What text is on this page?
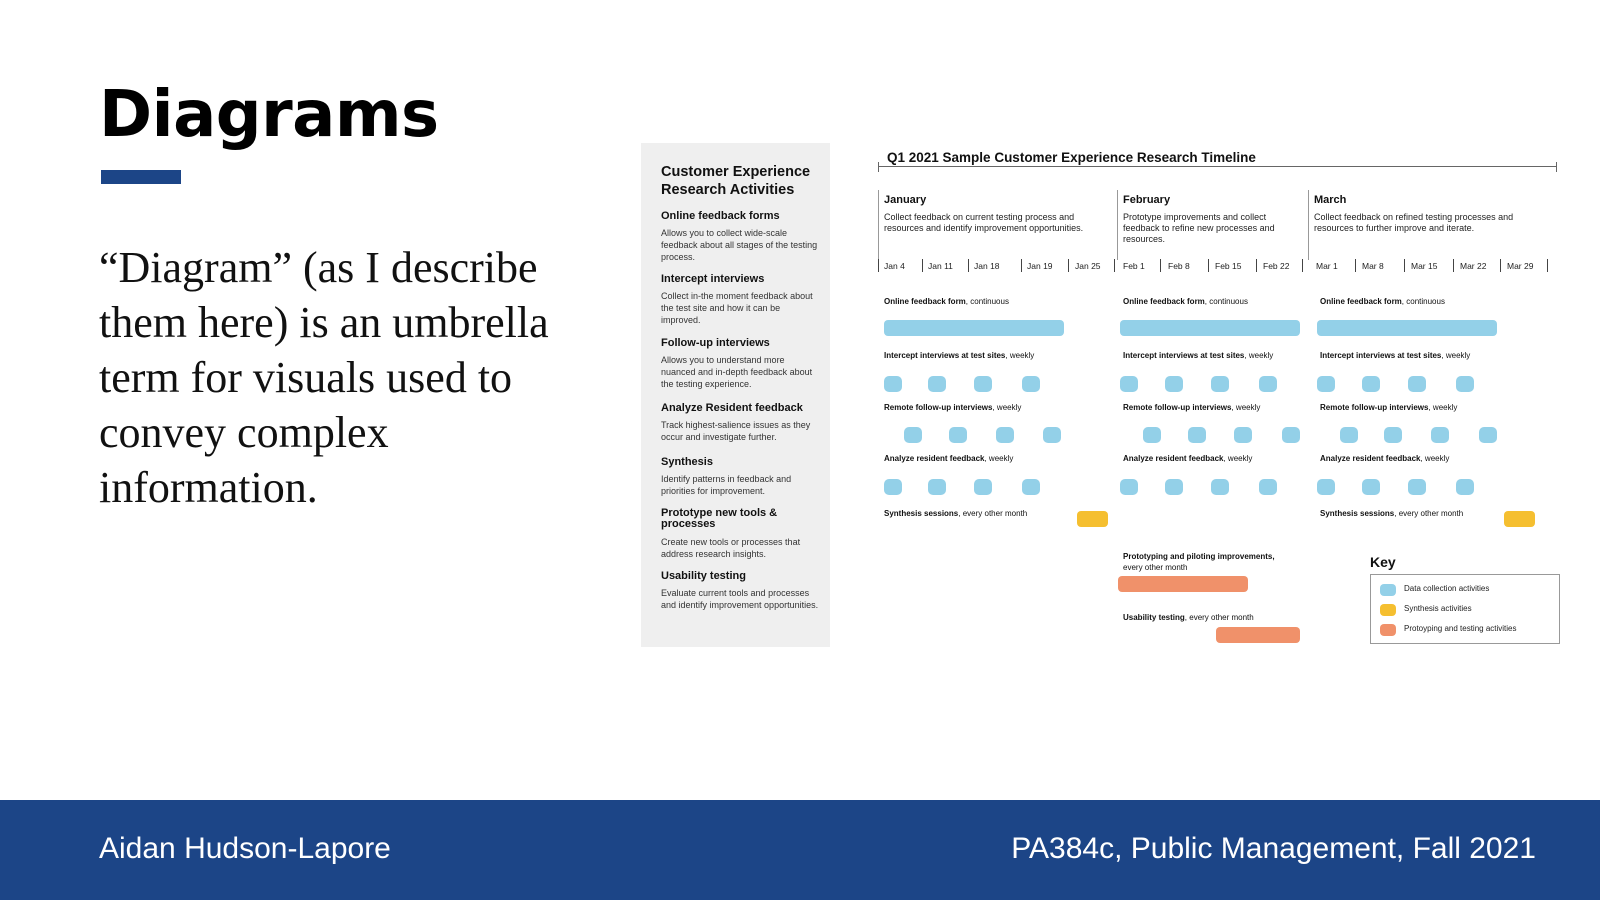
Diagrams
“Diagram” (as I describe them here) is an umbrella term for visuals used to convey complex information.
Customer Experience Research Activities
Online feedback forms
Allows you to collect wide-scale feedback about all stages of the testing process.
Intercept interviews
Collect in-the moment feedback about the test site and how it can be improved.
Follow-up interviews
Allows you to understand more nuanced and in-depth feedback about the testing experience.
Analyze Resident feedback
Track highest-salience issues as they occur and investigate further.
Synthesis
Identify patterns in feedback and priorities for improvement.
Prototype new tools & processes
Create new tools or processes that address research insights.
Usability testing
Evaluate current tools and processes and identify improvement opportunities.
Q1 2021 Sample Customer Experience Research Timeline
January
Collect feedback on current testing process and resources and identify improvement opportunities.
February
Prototype improvements and collect feedback to refine new processes and resources.
March
Collect feedback on refined testing processes and resources to further improve and iterate.
Jan 4	Jan 11 Jan 18	Jan 19	Jan 25	Feb 1	Feb 8	Feb 15	Feb 22	Mar 1	Mar 8	Mar 15	Mar 22 Mar 29
Online feedback form, continuous	Online feedback form, continuous	Online feedback form, continuous
Intercept interviews at test sites, weekly	Intercept interviews at test sites, weekly	Intercept interviews at test sites, weekly
Remote follow-up interviews, weekly	Remote follow-up interviews, weekly	Remote follow-up interviews, weekly
Analyze resident feedback, weekly	Analyze resident feedback, weekly	Analyze resident feedback, weekly
Synthesis sessions, every other month	Synthesis sessions, every other month
Prototyping and piloting improvements,
every other month
Usability testing, every other month
Key
Data collection activities
Synthesis activities
Protoyping and testing activities
Aidan Hudson-Lapore	PA384c, Public Management, Fall 2021
